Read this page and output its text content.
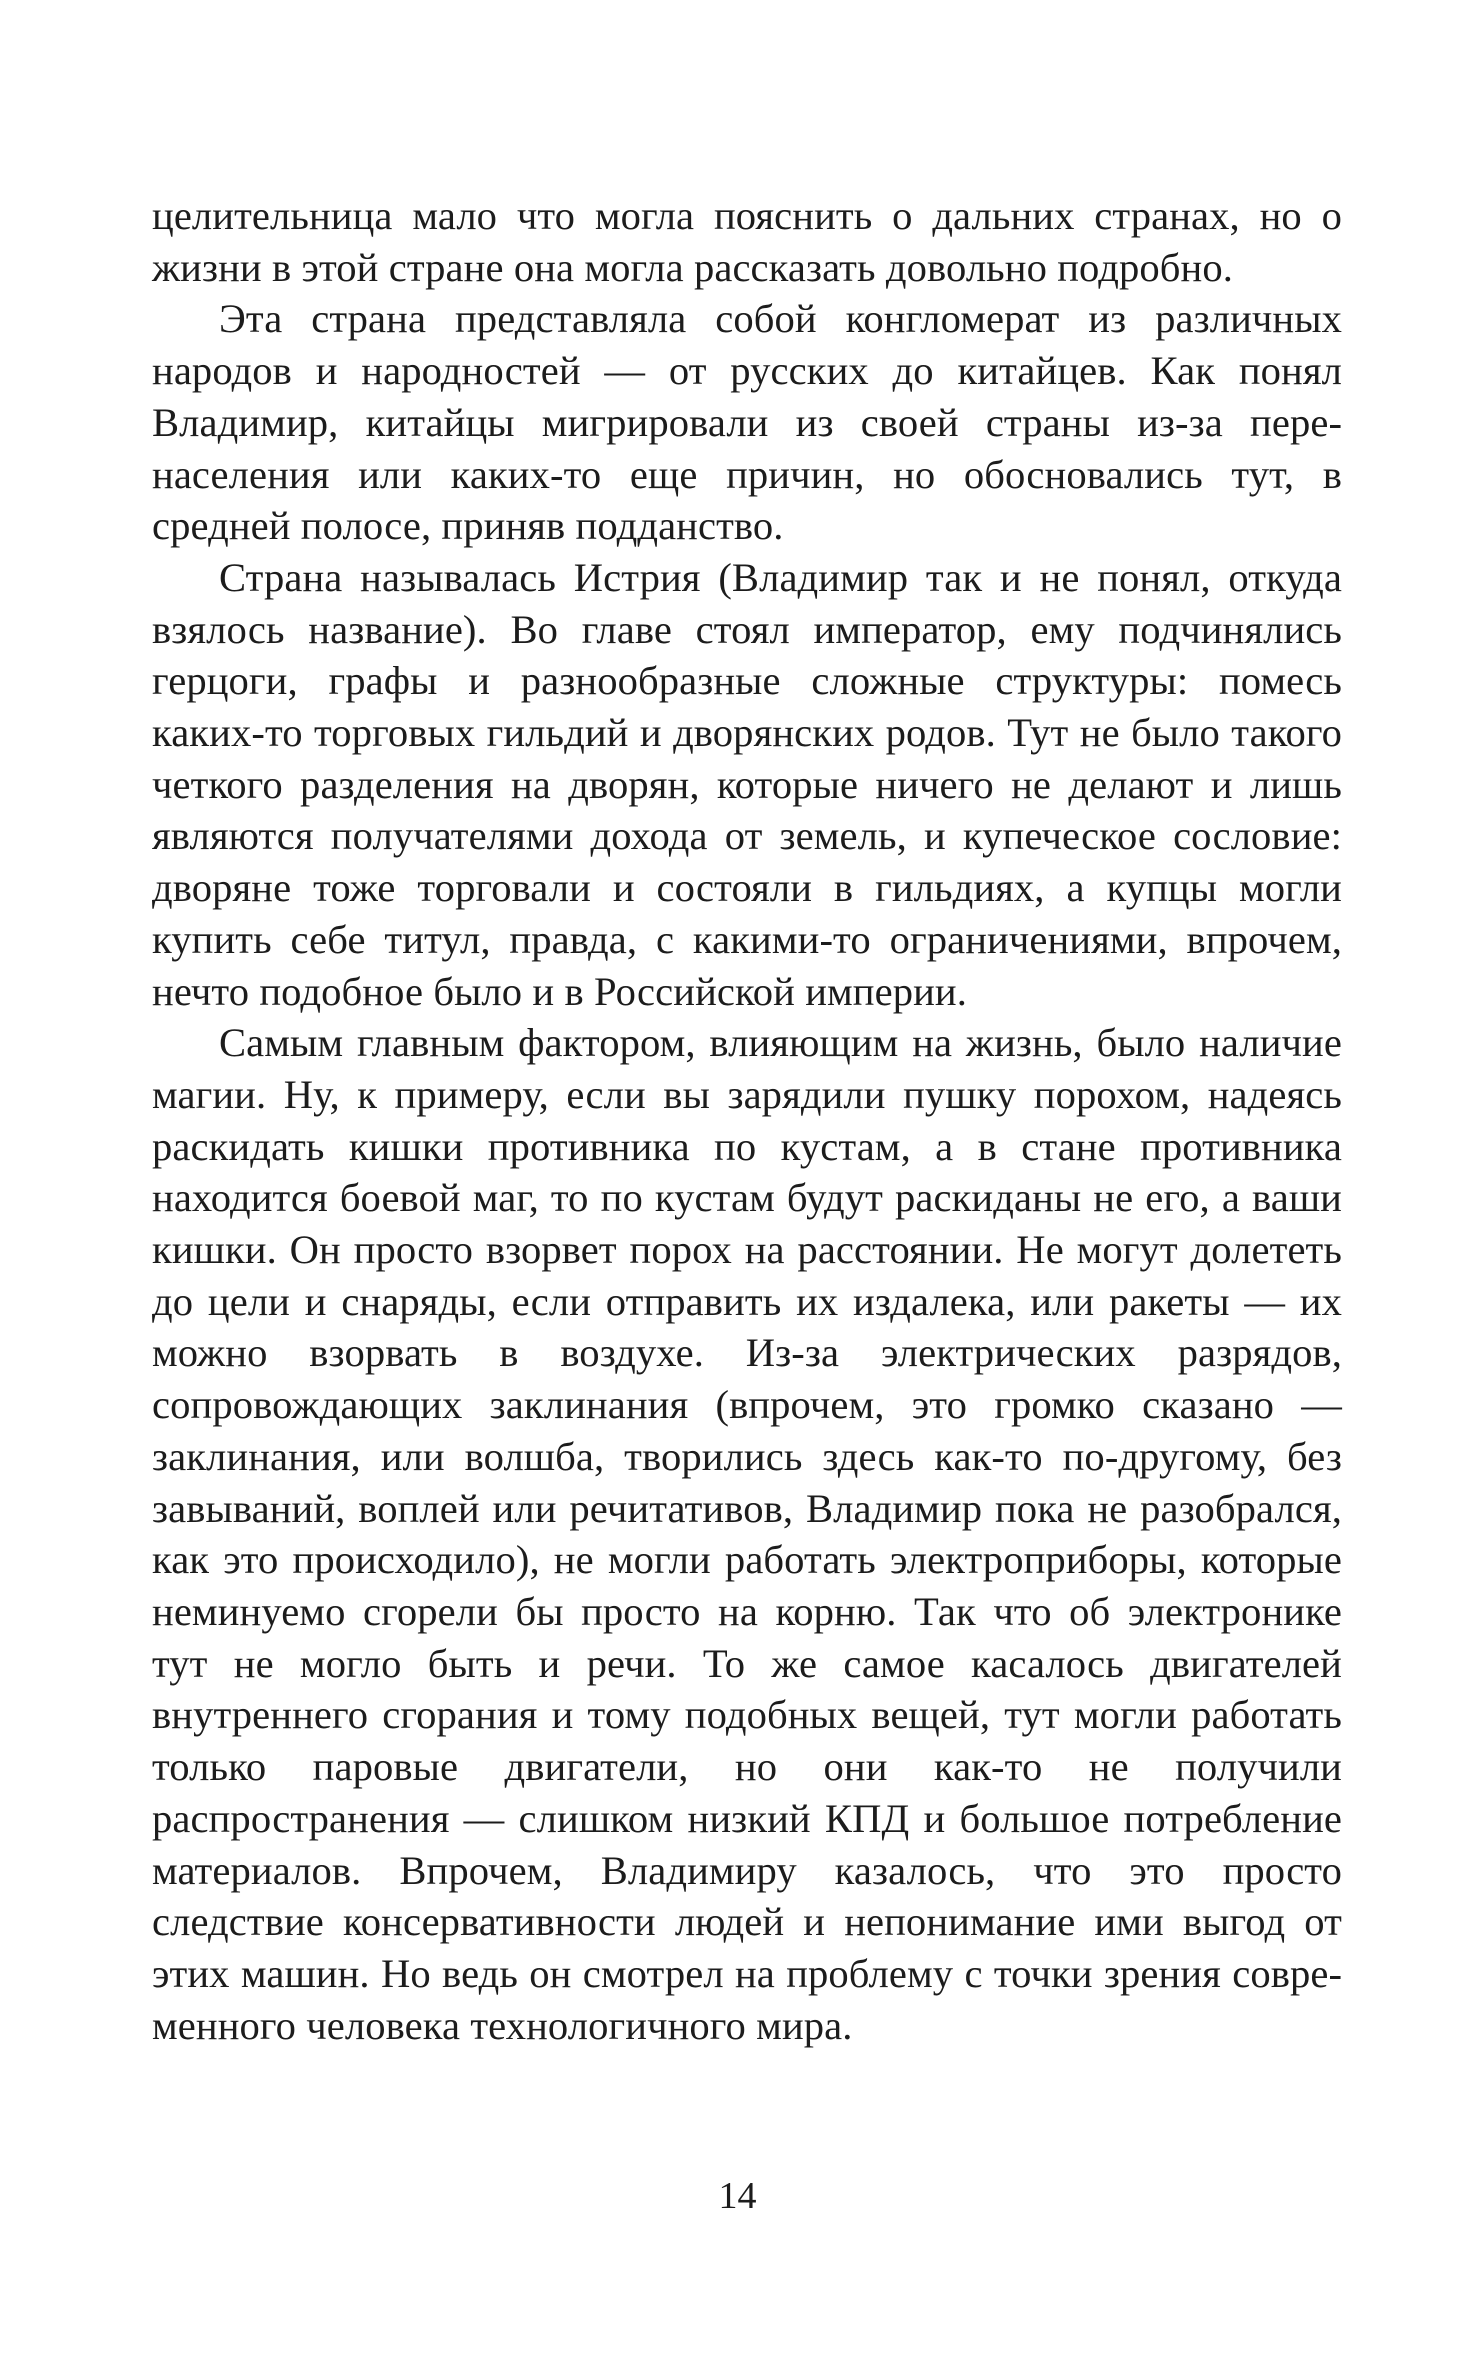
целительница мало что могла пояснить о дальних странах, но о жизни в этой стране она могла рассказать довольно подробно.

Эта страна представляла собой конгломерат из различных народов и народностей — от русских до китайцев. Как понял Владимир, китайцы мигрировали из своей страны из-за перенаселения или каких-то еще причин, но обосновались тут, в средней полосе, приняв подданство.

Страна называлась Истрия (Владимир так и не понял, откуда взялось название). Во главе стоял император, ему подчинялись герцоги, графы и разнообразные сложные структуры: помесь каких-то торговых гильдий и дворянских родов. Тут не было такого четкого разделения на дворян, которые ничего не делают и лишь являются получателями дохода от земель, и купеческое сословие: дворяне тоже торговали и состояли в гильдиях, а купцы могли купить себе титул, правда, с какими-то ограничениями, впрочем, нечто подобное было и в Российской империи.

Самым главным фактором, влияющим на жизнь, было наличие магии. Ну, к примеру, если вы зарядили пушку порохом, надеясь раскидать кишки противника по кустам, а в стане противника находится боевой маг, то по кустам будут раскиданы не его, а ваши кишки. Он просто взорвет порох на расстоянии. Не могут долететь до цели и снаряды, если отправить их издалека, или ракеты — их можно взорвать в воздухе. Из-за электрических разрядов, сопровождающих заклинания (впрочем, это громко сказано — заклинания, или волшба, творились здесь как-то по-другому, без завываний, воплей или речитативов, Владимир пока не разобрался, как это происходило), не могли работать электроприборы, которые неминуемо сгорели бы просто на корню. Так что об электронике тут не могло быть и речи. То же самое касалось двигателей внутреннего сгорания и тому подобных вещей, тут могли работать только паровые двигатели, но они как-то не получили распространения — слишком низкий КПД и большое потребление материалов. Впрочем, Владимиру казалось, что это просто следствие консервативности людей и непонимание ими выгод от этих машин. Но ведь он смотрел на проблему с точки зрения современного человека технологичного мира.

14
